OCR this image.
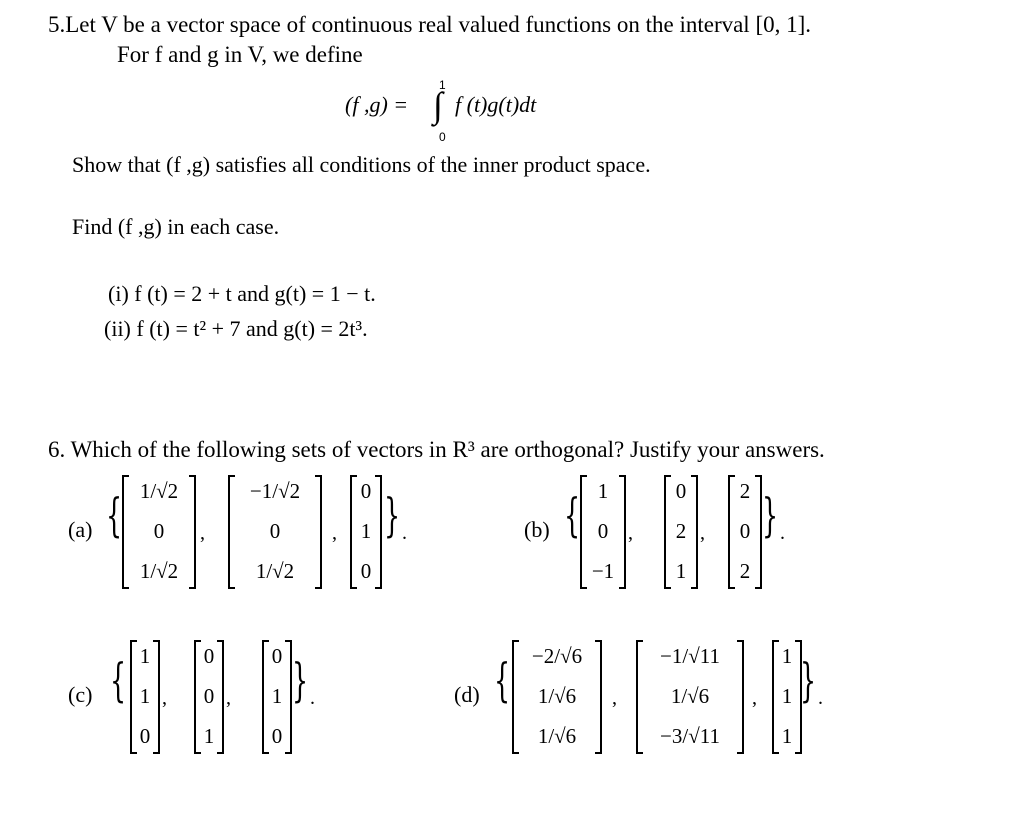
5.Let V be a vector space of continuous real valued functions on the interval [0, 1].
For f and g in V, we define
(f ,g) =
1
∫
0
f (t)g(t)dt
Show that (f ,g) satisfies all conditions of the inner product space.
Find (f ,g) in each case.
(i) f (t) = 2 + t and g(t) = 1 − t.
(ii) f (t) = t² + 7 and g(t) = 2t³.
6. Which of the following sets of vectors in R³ are orthogonal? Justify your answers.
(a) { 1/√2
0
1/√2
,
−1/√2
0
1/√2
,
0
1
0
} .	(b) { 1
0
−1
,
0
2
1
,
2
0
2
} .
(c) { 1
1
0
,
0
0
1
,
0
1
0
} .	(d) {	−2/√6
1/√6
1/√6
,
−1/√11
1/√6
−3/√11
,
1
1
1
} .
